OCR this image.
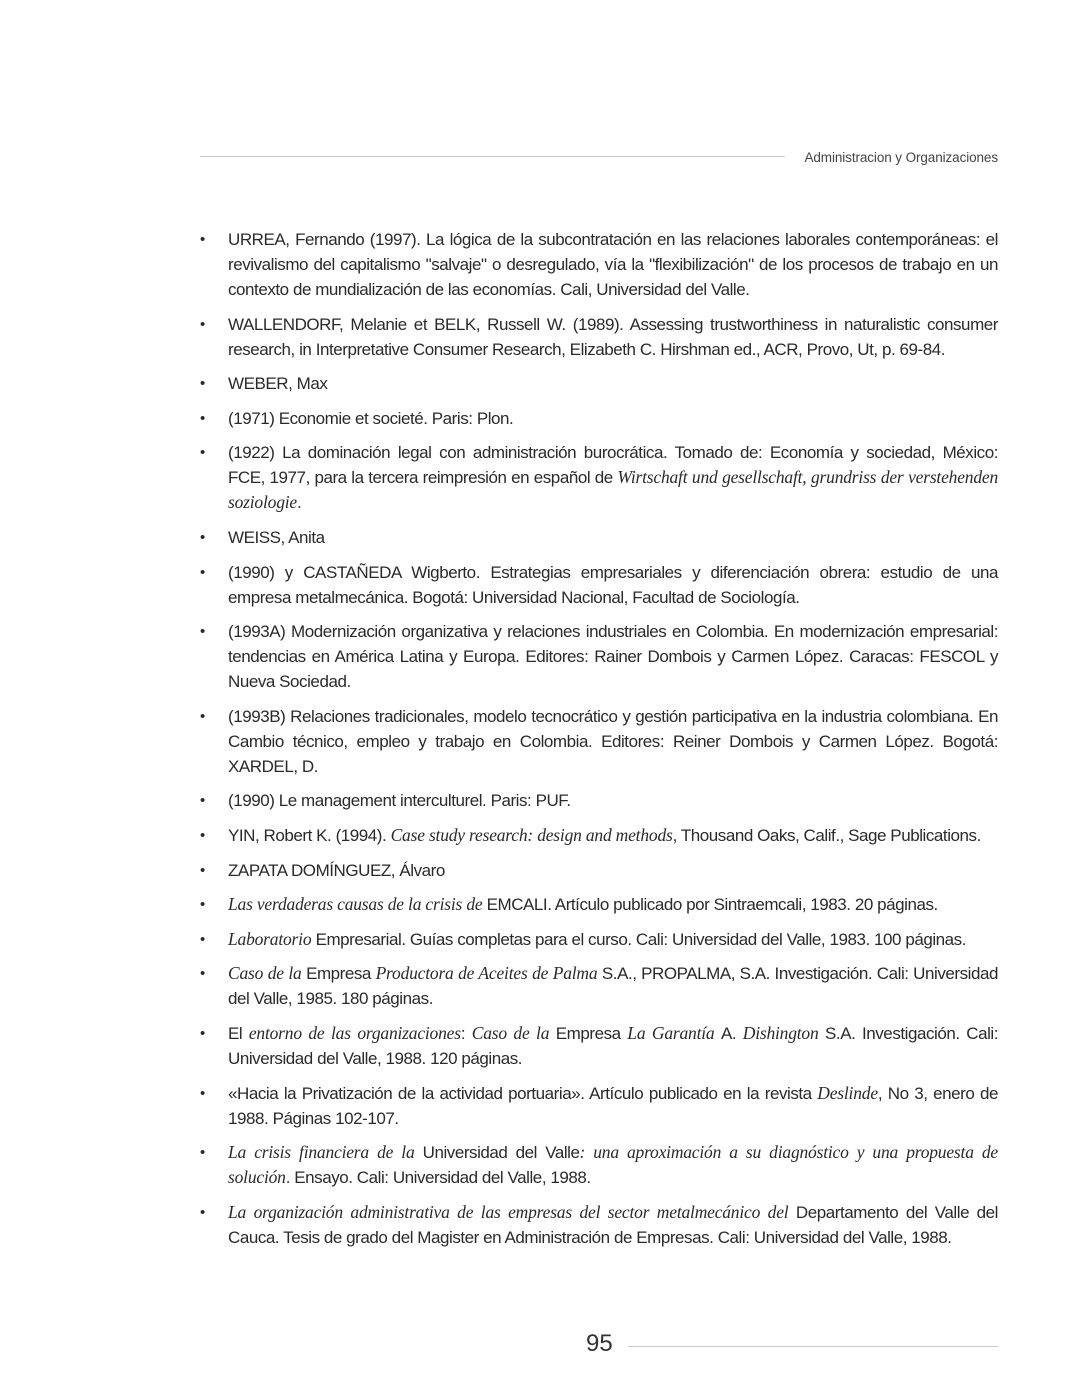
Administracion y Organizaciones
• URREA, Fernando (1997). La lógica de la subcontratación en las relaciones laborales contemporáneas: el revivalismo del capitalismo "salvaje" o desregulado, vía la "flexibilización" de los procesos de trabajo en un contexto de mundialización de las economías. Cali, Universidad del Valle.
• WALLENDORF, Melanie et BELK, Russell W. (1989). Assessing trustworthiness in naturalistic consumer research, in Interpretative Consumer Research, Elizabeth C. Hirshman ed., ACR, Provo, Ut, p. 69-84.
• WEBER, Max
• (1971) Economie et societé. Paris: Plon.
• (1922) La dominación legal con administración burocrática. Tomado de: Economía y sociedad, México: FCE, 1977, para la tercera reimpresión en español de Wirtschaft und gesellschaft, grundriss der verstehenden soziologie.
• WEISS, Anita
• (1990) y CASTAÑEDA Wigberto. Estrategias empresariales y diferenciación obrera: estudio de una empresa metalmecánica. Bogotá: Universidad Nacional, Facultad de Sociología.
• (1993A) Modernización organizativa y relaciones industriales en Colombia. En modernización empresarial: tendencias en América Latina y Europa. Editores: Rainer Dombois y Carmen López. Caracas: FESCOL y Nueva Sociedad.
• (1993B) Relaciones tradicionales, modelo tecnocrático y gestión participativa en la industria colombiana. En Cambio técnico, empleo y trabajo en Colombia. Editores: Reiner Dombois y Carmen López. Bogotá: XARDEL, D.
• (1990) Le management interculturel. Paris: PUF.
• YIN, Robert K. (1994). Case study research: design and methods, Thousand Oaks, Calif., Sage Publications.
• ZAPATA DOMÍNGUEZ, Álvaro
• Las verdaderas causas de la crisis de EMCALI. Artículo publicado por Sintraemcali, 1983. 20 páginas.
• Laboratorio Empresarial. Guías completas para el curso. Cali: Universidad del Valle, 1983. 100 páginas.
• Caso de la Empresa Productora de Aceites de Palma S.A., PROPALMA, S.A. Investigación. Cali: Universidad del Valle, 1985. 180 páginas.
• El entorno de las organizaciones: Caso de la Empresa La Garantía A. Dishington S.A. Investigación. Cali: Universidad del Valle, 1988. 120 páginas.
• «Hacia la Privatización de la actividad portuaria». Artículo publicado en la revista Deslinde, No 3, enero de 1988. Páginas 102-107.
• La crisis financiera de la Universidad del Valle: una aproximación a su diagnóstico y una propuesta de solución. Ensayo. Cali: Universidad del Valle, 1988.
• La organización administrativa de las empresas del sector metalmecánico del Departamento del Valle del Cauca. Tesis de grado del Magister en Administración de Empresas. Cali: Universidad del Valle, 1988.
95
